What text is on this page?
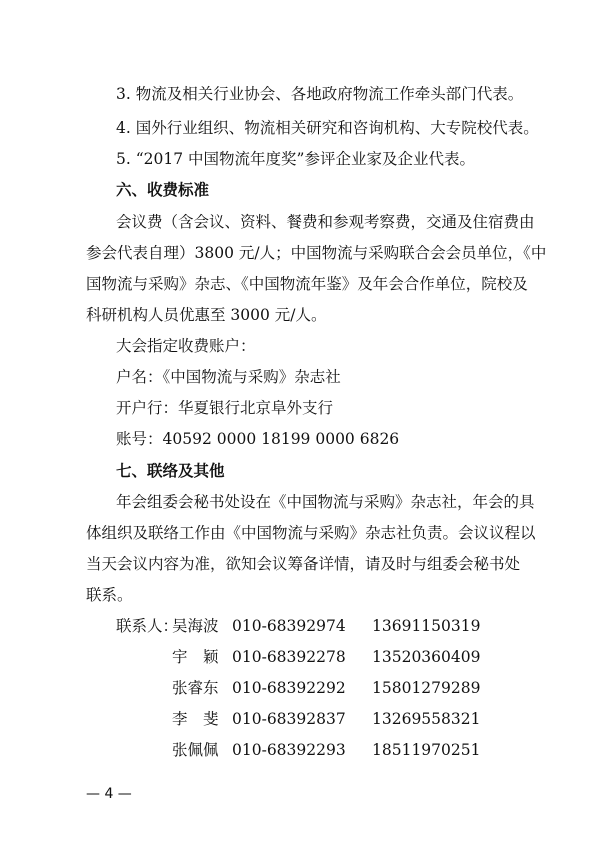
3. 物流及相关行业协会、各地政府物流工作牵头部门代表。
4. 国外行业组织、物流相关研究和咨询机构、大专院校代表。
5. “2017 中国物流年度奖”参评企业家及企业代表。
六、收费标准
会议费（含会议、资料、餐费和参观考察费，交通及住宿费由
参会代表自理）3800 元/人；中国物流与采购联合会会员单位，《中
国物流与采购》杂志、《中国物流年鉴》及年会合作单位，院校及
科研机构人员优惠至 3000 元/人。
大会指定收费账户：
户名：《中国物流与采购》杂志社
开户行：华夏银行北京阜外支行
账号：40592 0000 18199 0000 6826
七、联络及其他
年会组委会秘书处设在《中国物流与采购》杂志社，年会的具
体组织及联络工作由《中国物流与采购》杂志社负责。会议议程以
当天会议内容为准，欲知会议筹备详情，请及时与组委会秘书处
联系。
联系人：
吴海波 010-68392974 13691150319
宇　颖 010-68392278 13520360409
张睿东 010-68392292 15801279289
李　斐 010-68392837 13269558321
张佩佩 010-68392293 18511970251
— 4 —
